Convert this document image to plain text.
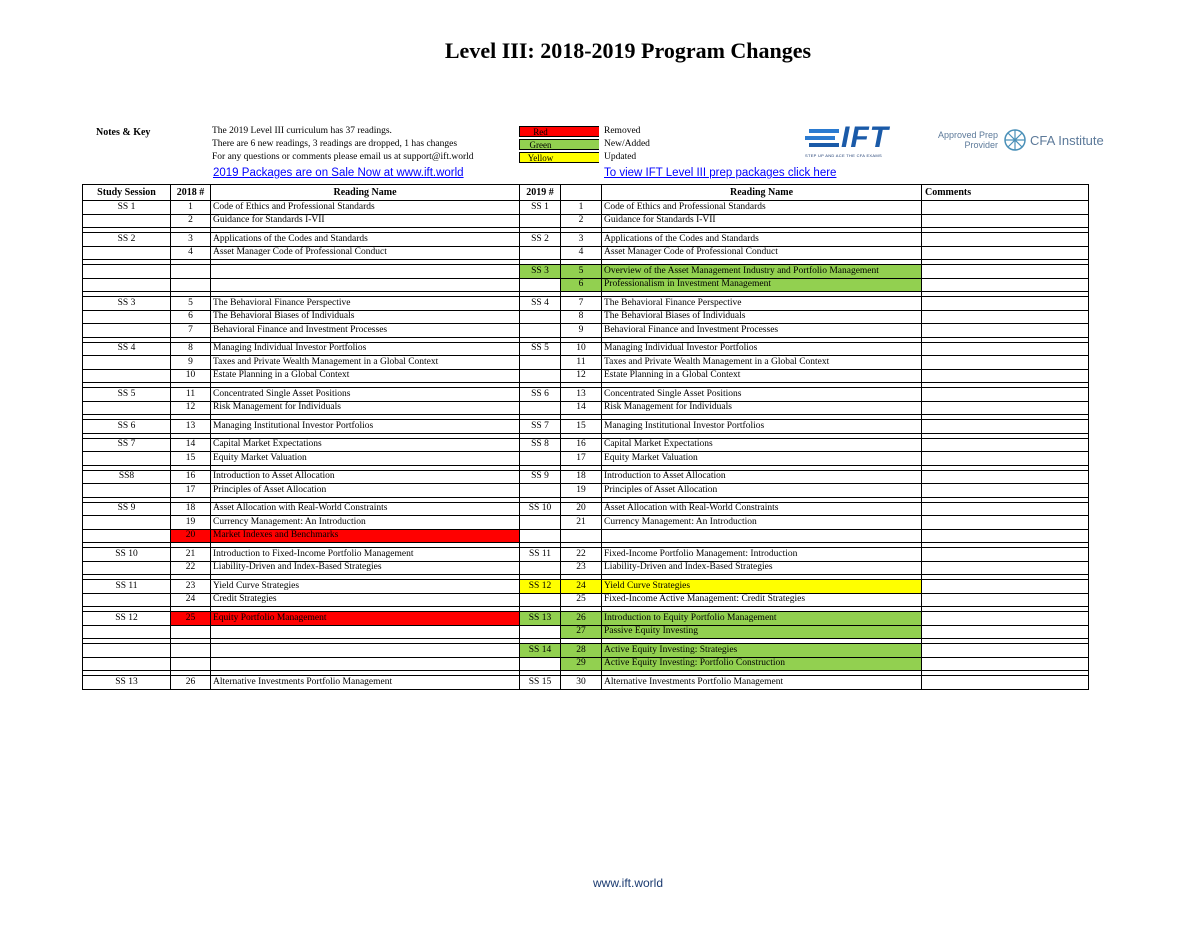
Level III: 2018-2019 Program Changes
Notes & Key	The 2019 Level III curriculum has 37 readings.
There are 6 new readings, 3 readings are dropped, 1 has changes
For any questions or comments please email us at support@ift.world
Red
Green
Yellow
Removed
New/Added
Updated
2019 Packages are on Sale Now at www.ift.world	To view IFT Level III prep packages click here
IFT
STEP UP AND ACE THE CFA EXAMS
Approved Prep
Provider CFA Institute
Study Session	2018 #	Reading Name	2019 #		Reading Name	Comments
SS 1	1	Code of Ethics and Professional Standards	SS 1	1	Code of Ethics and Professional Standards	
	2	Guidance for Standards I-VII		2	Guidance for Standards I-VII	

SS 2	3	Applications of the Codes and Standards	SS 2	3	Applications of the Codes and Standards	
	4	Asset Manager Code of Professional Conduct		4	Asset Manager Code of Professional Conduct	

			SS 3	5	Overview of the Asset Management Industry and Portfolio Management	
				6	Professionalism in Investment Management	

SS 3	5	The Behavioral Finance Perspective	SS 4	7	The Behavioral Finance Perspective	
	6	The Behavioral Biases of Individuals		8	The Behavioral Biases of Individuals	
	7	Behavioral Finance and Investment Processes		9	Behavioral Finance and Investment Processes	

SS 4	8	Managing Individual Investor Portfolios	SS 5	10	Managing Individual Investor Portfolios	
	9	Taxes and Private Wealth Management in a Global Context		11	Taxes and Private Wealth Management in a Global Context	
	10	Estate Planning in a Global Context		12	Estate Planning in a Global Context	

SS 5	11	Concentrated Single Asset Positions	SS 6	13	Concentrated Single Asset Positions	
	12	Risk Management for Individuals		14	Risk Management for Individuals	

SS 6	13	Managing Institutional Investor Portfolios	SS 7	15	Managing Institutional Investor Portfolios	

SS 7	14	Capital Market Expectations	SS 8	16	Capital Market Expectations	
	15	Equity Market Valuation		17	Equity Market Valuation	

SS8	16	Introduction to Asset Allocation	SS 9	18	Introduction to Asset Allocation	
	17	Principles of Asset Allocation		19	Principles of Asset Allocation	

SS 9	18	Asset Allocation with Real-World Constraints	SS 10	20	Asset Allocation with Real-World Constraints	
	19	Currency Management: An Introduction		21	Currency Management: An Introduction	
	20	Market Indexes and Benchmarks				

SS 10	21	Introduction to Fixed-Income Portfolio Management	SS 11	22	Fixed-Income Portfolio Management: Introduction	
	22	Liability-Driven and Index-Based Strategies		23	Liability-Driven and Index-Based Strategies	

SS 11	23	Yield Curve Strategies	SS 12	24	Yield Curve Strategies	
	24	Credit Strategies		25	Fixed-Income Active Management: Credit Strategies	

SS 12	25	Equity Portfolio Management	SS 13	26	Introduction to Equity Portfolio Management	
				27	Passive Equity Investing	

			SS 14	28	Active Equity Investing: Strategies	
				29	Active Equity Investing: Portfolio Construction	

SS 13	26	Alternative Investments Portfolio Management	SS 15	30	Alternative Investments Portfolio Management	
www.ift.world
